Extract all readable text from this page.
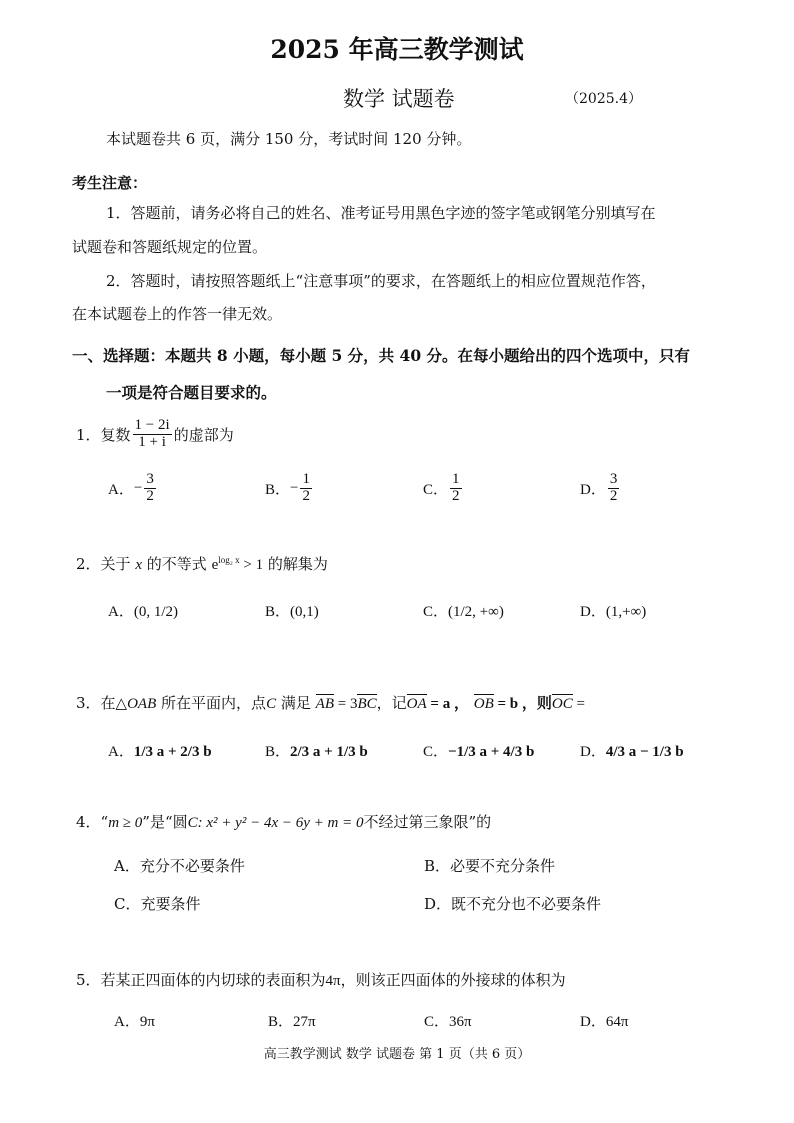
2025 年高三教学测试
数学 试题卷	（2025.4）
本试题卷共 6 页，满分 150 分，考试时间 120 分钟。
考生注意：
1．答题前，请务必将自己的姓名、准考证号用黑色字迹的签字笔或钢笔分别填写在
试题卷和答题纸规定的位置。
2．答题时，请按照答题纸上“注意事项”的要求，在答题纸上的相应位置规范作答，
在本试题卷上的作答一律无效。
一、选择题：本题共 8 小题，每小题 5 分，共 40 分。在每小题给出的四个选项中，只有
一项是符合题目要求的。
1．复数 $\frac{1 - 2i}{1 + i}$ 的虚部为
A． − $\frac{3}{2}$	B． − $\frac{1}{2}$	C． $\frac{1}{2}$	D． $\frac{3}{2}$
2．关于 x 的不等式 $e^{log_2 x} > 1$ 的解集为
A．(0, 1/2)	B．(0,1)	C．(1/2, +∞)	D．(1,+∞)
3．在△OAB 所在平面内，点C 满足 AB = 3BC，记OA = a ， OB = b ，则OC =
A．1/3 a + 2/3 b	B．2/3 a + 1/3 b	C．−1/3 a + 4/3 b	D．4/3 a − 1/3 b
4．“m ≥ 0”是“圆C: x² + y² − 4x − 6y + m = 0不经过第三象限”的
A．充分不必要条件	B．必要不充分条件
C．充要条件	D．既不充分也不必要条件
5．若某正四面体的内切球的表面积为4π，则该正四面体的外接球的体积为
A．9π	B．27π	C．36π	D．64π
高三教学测试 数学 试题卷 第 1 页（共 6 页）
